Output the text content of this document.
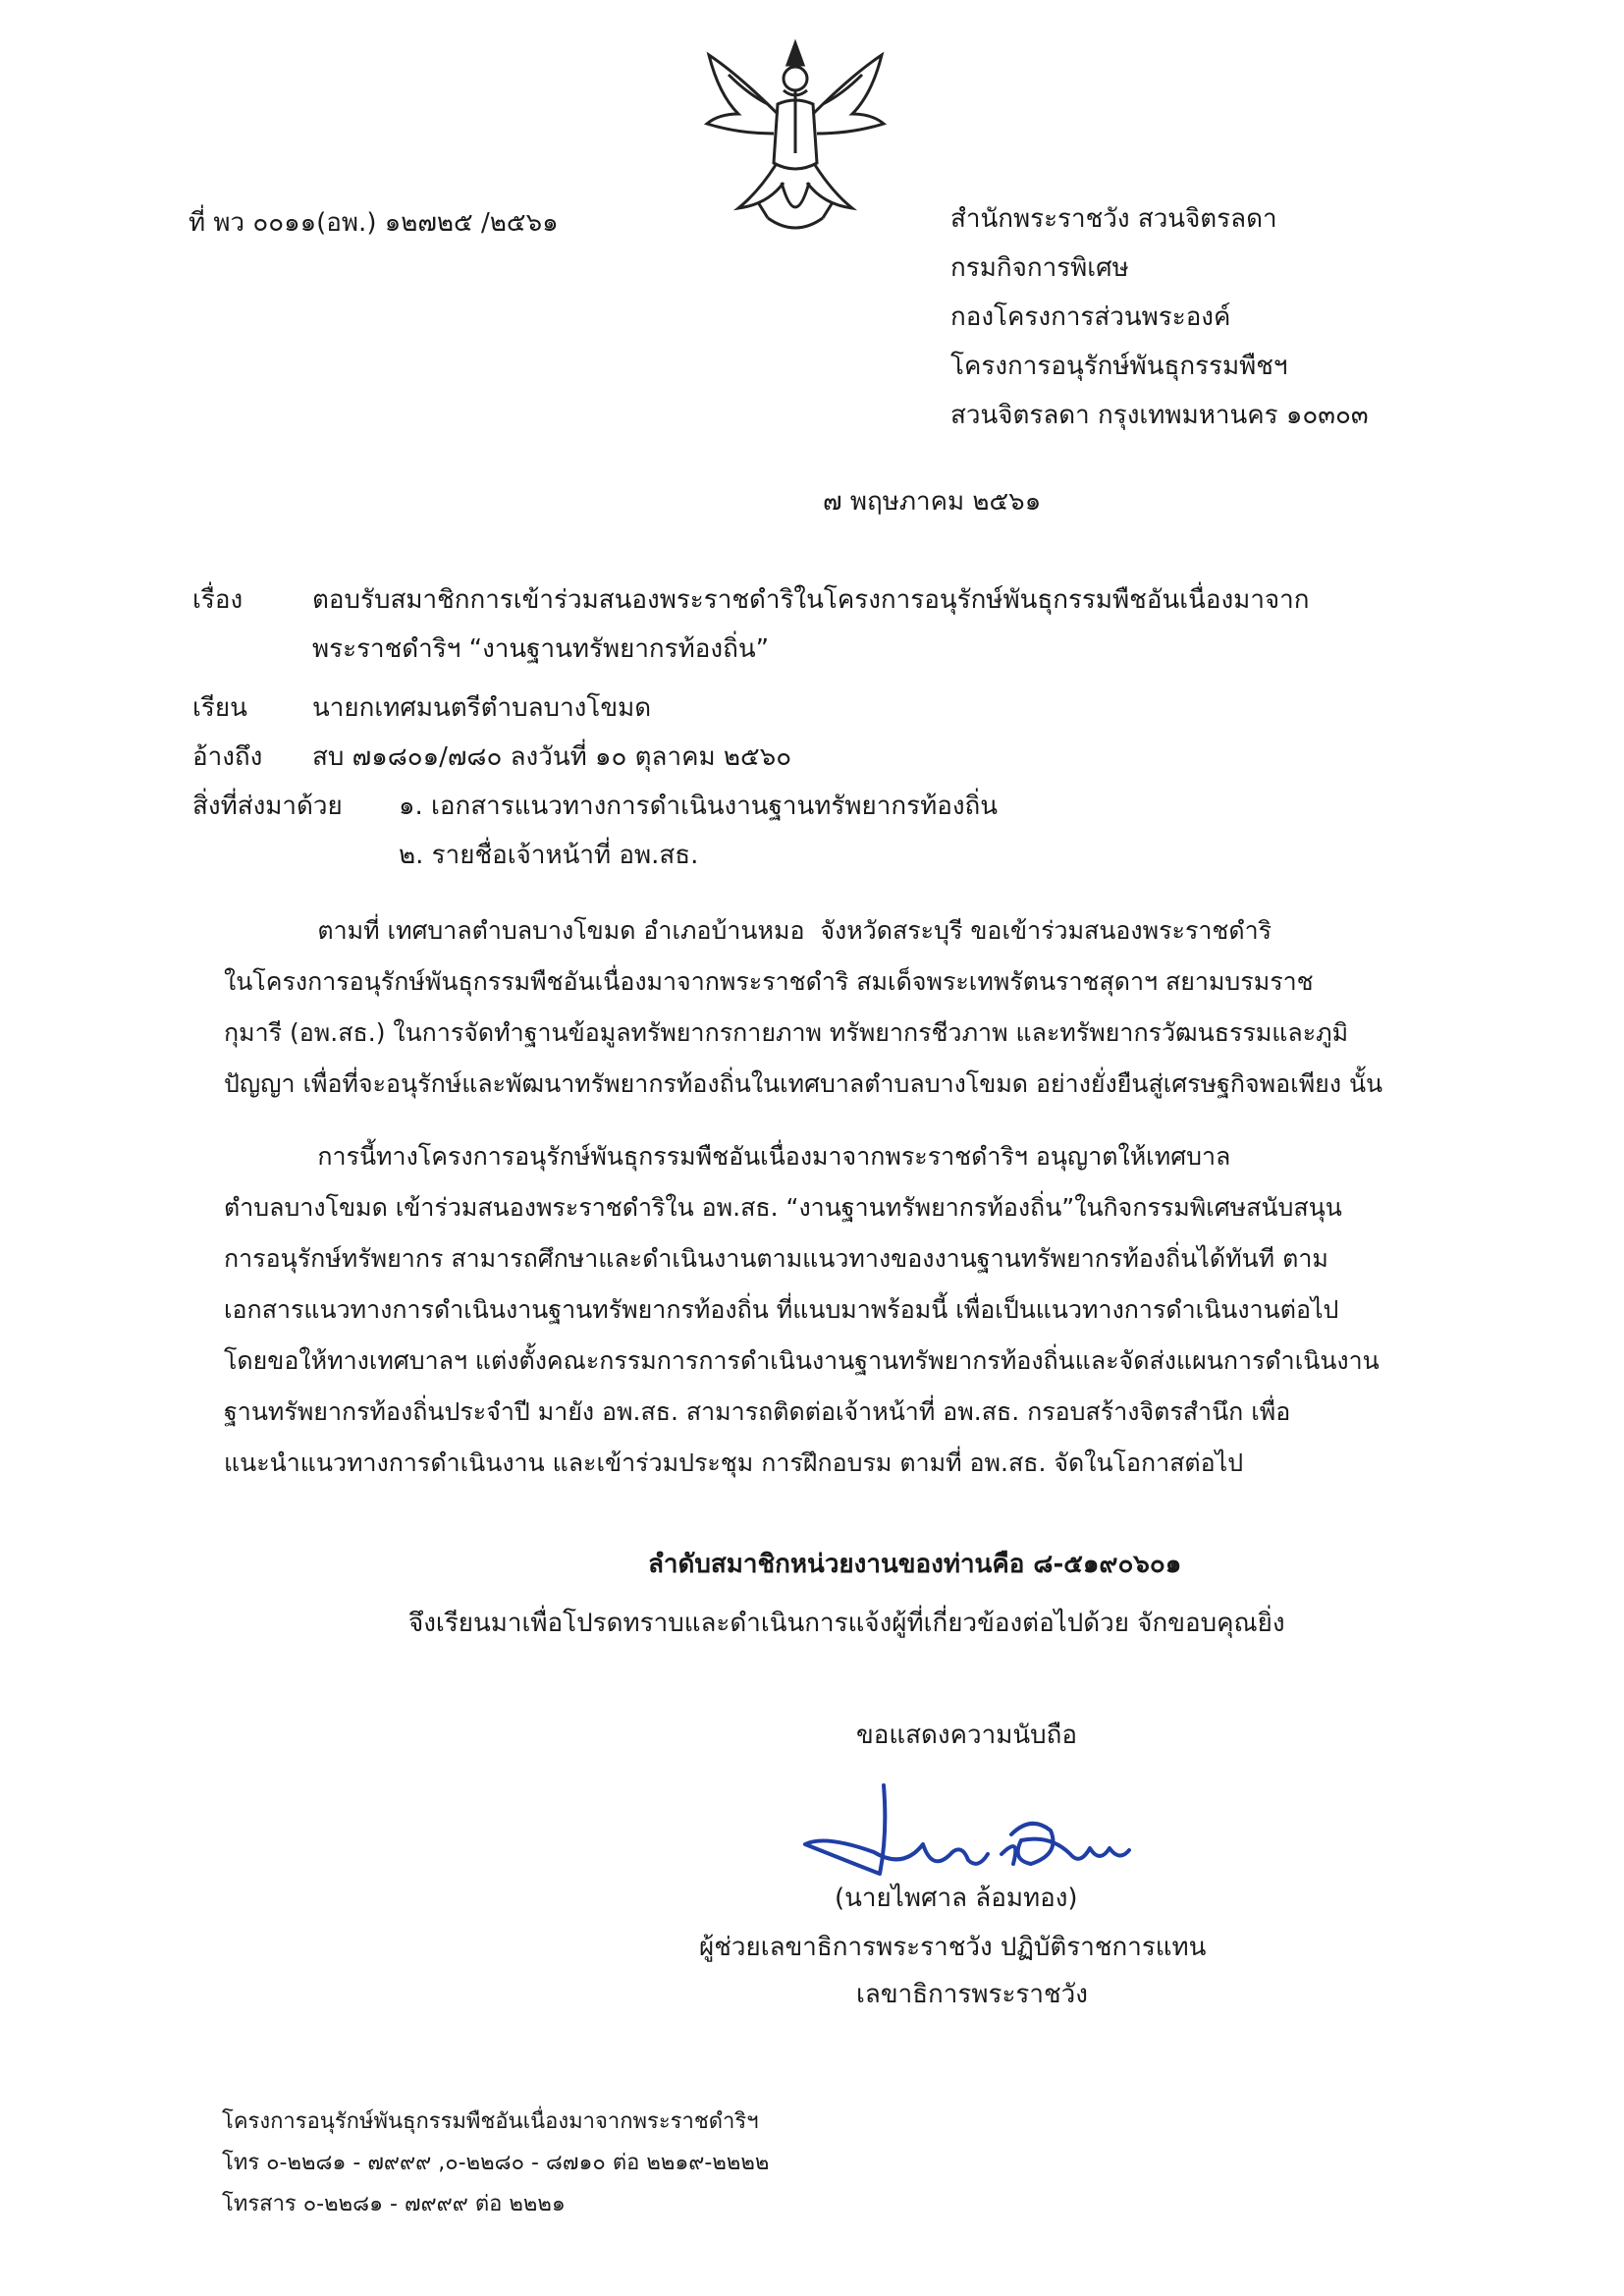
ที่ พว ๐๐๑๑(อพ.) ๑๒๗๒๕ /๒๕๖๑	สำนักพระราชวัง สวนจิตรลดา
กรมกิจการพิเศษ
กองโครงการส่วนพระองค์
โครงการอนุรักษ์พันธุกรรมพืชฯ
สวนจิตรลดา กรุงเทพมหานคร ๑๐๓๐๓
๗ พฤษภาคม ๒๕๖๑
เรื่อง	ตอบรับสมาชิกการเข้าร่วมสนองพระราชดำริในโครงการอนุรักษ์พันธุกรรมพืชอันเนื่องมาจาก
พระราชดำริฯ “งานฐานทรัพยากรท้องถิ่น”
เรียน	นายกเทศมนตรีตำบลบางโขมด
อ้างถึง สบ ๗๑๘๐๑/๗๘๐ ลงวันที่ ๑๐ ตุลาคม ๒๕๖๐
สิ่งที่ส่งมาด้วย ๑. เอกสารแนวทางการดำเนินงานฐานทรัพยากรท้องถิ่น
๒. รายชื่อเจ้าหน้าที่ อพ.สธ.
ตามที่ เทศบาลตำบลบางโขมด อำเภอบ้านหมอ  จังหวัดสระบุรี ขอเข้าร่วมสนองพระราชดำริ
ในโครงการอนุรักษ์พันธุกรรมพืชอันเนื่องมาจากพระราชดำริ สมเด็จพระเทพรัตนราชสุดาฯ สยามบรมราช
กุมารี (อพ.สธ.) ในการจัดทำฐานข้อมูลทรัพยากรกายภาพ ทรัพยากรชีวภาพ และทรัพยากรวัฒนธรรมและภูมิ
ปัญญา เพื่อที่จะอนุรักษ์และพัฒนาทรัพยากรท้องถิ่นในเทศบาลตำบลบางโขมด อย่างยั่งยืนสู่เศรษฐกิจพอเพียง นั้น
การนี้ทางโครงการอนุรักษ์พันธุกรรมพืชอันเนื่องมาจากพระราชดำริฯ อนุญาตให้เทศบาล
ตำบลบางโขมด เข้าร่วมสนองพระราชดำริใน อพ.สธ. “งานฐานทรัพยากรท้องถิ่น”ในกิจกรรมพิเศษสนับสนุน
การอนุรักษ์ทรัพยากร สามารถศึกษาและดำเนินงานตามแนวทางของงานฐานทรัพยากรท้องถิ่นได้ทันที ตาม
เอกสารแนวทางการดำเนินงานฐานทรัพยากรท้องถิ่น ที่แนบมาพร้อมนี้ เพื่อเป็นแนวทางการดำเนินงานต่อไป
โดยขอให้ทางเทศบาลฯ แต่งตั้งคณะกรรมการการดำเนินงานฐานทรัพยากรท้องถิ่นและจัดส่งแผนการดำเนินงาน
ฐานทรัพยากรท้องถิ่นประจำปี มายัง อพ.สธ. สามารถติดต่อเจ้าหน้าที่ อพ.สธ. กรอบสร้างจิตรสำนึก เพื่อ
แนะนำแนวทางการดำเนินงาน และเข้าร่วมประชุม การฝึกอบรม ตามที่ อพ.สธ. จัดในโอกาสต่อไป
ลำดับสมาชิกหน่วยงานของท่านคือ ๘-๕๑๙๐๖๐๑
จึงเรียนมาเพื่อโปรดทราบและดำเนินการแจ้งผู้ที่เกี่ยวข้องต่อไปด้วย จักขอบคุณยิ่ง
ขอแสดงความนับถือ
(นายไพศาล ล้อมทอง)
ผู้ช่วยเลขาธิการพระราชวัง ปฏิบัติราชการแทน
เลขาธิการพระราชวัง
โครงการอนุรักษ์พันธุกรรมพืชอันเนื่องมาจากพระราชดำริฯ
โทร ๐-๒๒๘๑ - ๗๙๙๙ ,๐-๒๒๘๐ - ๘๗๑๐ ต่อ ๒๒๑๙-๒๒๒๒
โทรสาร ๐-๒๒๘๑ - ๗๙๙๙ ต่อ ๒๒๒๑
